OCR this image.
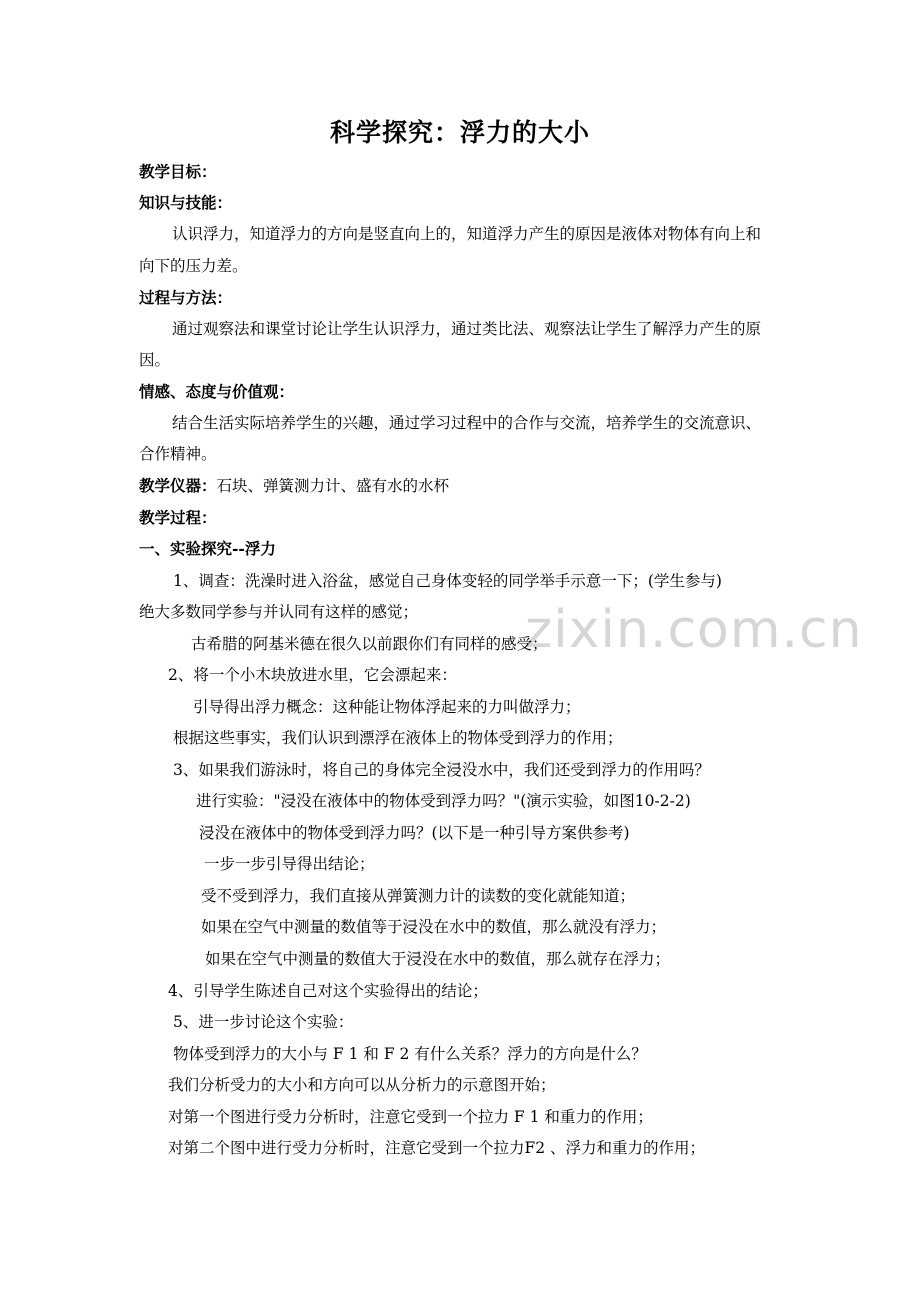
zixin.com.cn
科学探究：浮力的大小
教学目标：
知识与技能：
认识浮力，知道浮力的方向是竖直向上的，知道浮力产生的原因是液体对物体有向上和
向下的压力差。
过程与方法：
通过观察法和课堂讨论让学生认识浮力，通过类比法、观察法让学生了解浮力产生的原
因。
情感、态度与价值观：
结合生活实际培养学生的兴趣，通过学习过程中的合作与交流，培养学生的交流意识、
合作精神。
教学仪器：石块、弹簧测力计、盛有水的水杯
教学过程：
一、实验探究--浮力
1、调查：洗澡时进入浴盆，感觉自己身体变轻的同学举手示意一下；(学生参与)
绝大多数同学参与并认同有这样的感觉；
古希腊的阿基米德在很久以前跟你们有同样的感受；
2、将一个小木块放进水里，它会漂起来：
引导得出浮力概念：这种能让物体浮起来的力叫做浮力；
根据这些事实，我们认识到漂浮在液体上的物体受到浮力的作用；
3、如果我们游泳时，将自己的身体完全浸没水中，我们还受到浮力的作用吗？
进行实验："浸没在液体中的物体受到浮力吗？"(演示实验，如图10-2-2)
浸没在液体中的物体受到浮力吗？(以下是一种引导方案供参考)
一步一步引导得出结论；
受不受到浮力，我们直接从弹簧测力计的读数的变化就能知道；
如果在空气中测量的数值等于浸没在水中的数值，那么就没有浮力；
如果在空气中测量的数值大于浸没在水中的数值，那么就存在浮力；
4、引导学生陈述自己对这个实验得出的结论；
5、进一步讨论这个实验：
物体受到浮力的大小与 F 1 和 F 2 有什么关系？浮力的方向是什么？
我们分析受力的大小和方向可以从分析力的示意图开始；
对第一个图进行受力分析时，注意它受到一个拉力 F 1 和重力的作用；
对第二个图中进行受力分析时，注意它受到一个拉力F2 、浮力和重力的作用；
